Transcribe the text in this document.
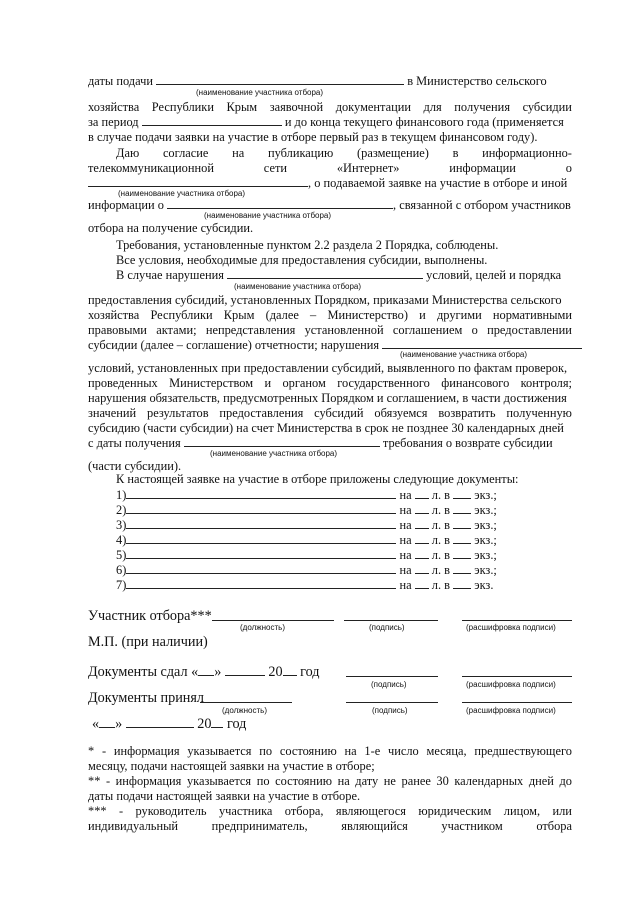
даты подачи	в Министерство сельского
(наименование участника отбора)
хозяйства Республики Крым заявочной документации для получения субсидии
за период	и до конца текущего финансового года (применяется
в случае подачи заявки на участие в отборе первый раз в текущем финансовом году).
Даю согласие на публикацию (размещение) в информационно-
телекоммуникационной	сети	«Интернет»	информации	о
, о подаваемой заявке на участие в отборе и иной
(наименование участника отбора)
информации о	, связанной с отбором участников
(наименование участника отбора)
отбора на получение субсидии.
Требования, установленные пунктом 2.2 раздела 2 Порядка, соблюдены.
Все условия, необходимые для предоставления субсидии, выполнены.
В случае нарушения	условий, целей и порядка
(наименование участника отбора)
предоставления субсидий, установленных Порядком, приказами Министерства сельского
хозяйства Республики Крым (далее – Министерство) и другими нормативными
правовыми актами; непредставления установленной соглашением о предоставлении
субсидии (далее – соглашение) отчетности; нарушения
(наименование участника отбора)
условий, установленных при предоставлении субсидий, выявленного по фактам проверок,
проведенных Министерством и органом государственного финансового контроля;
нарушения обязательств, предусмотренных Порядком и соглашением, в части достижения
значений результатов предоставления субсидий обязуемся возвратить полученную
субсидию (части субсидии) на счет Министерства в срок не позднее 30 календарных дней
с даты получения	требования о возврате субсидии
(наименование участника отбора)
(части субсидии).
К настоящей заявке на участие в отборе приложены следующие документы:
1)	на л. в экз.;
2)	на л. в экз.;
3)	на л. в экз.;
4)	на л. в экз.;
5)	на л. в экз.;
6)	на л. в экз.;
7)	на л. в экз.
Участник отбора***
(должность)	(подпись)	(расшифровка подписи)
М.П. (при наличии)
Документы сдал « »	20 год
(подпись)	(расшифровка подписи)
Документы принял
(должность)	(подпись)	(расшифровка подписи)
« »	20 год
* - информация указывается по состоянию на 1-е число месяца, предшествующего
месяцу, подачи настоящей заявки на участие в отборе;
** - информация указывается по состоянию на дату не ранее 30 календарных дней до
даты подачи настоящей заявки на участие в отборе.
*** - руководитель участника отбора, являющегося юридическим лицом, или
индивидуальный	предприниматель,	являющийся	участником	отбора
